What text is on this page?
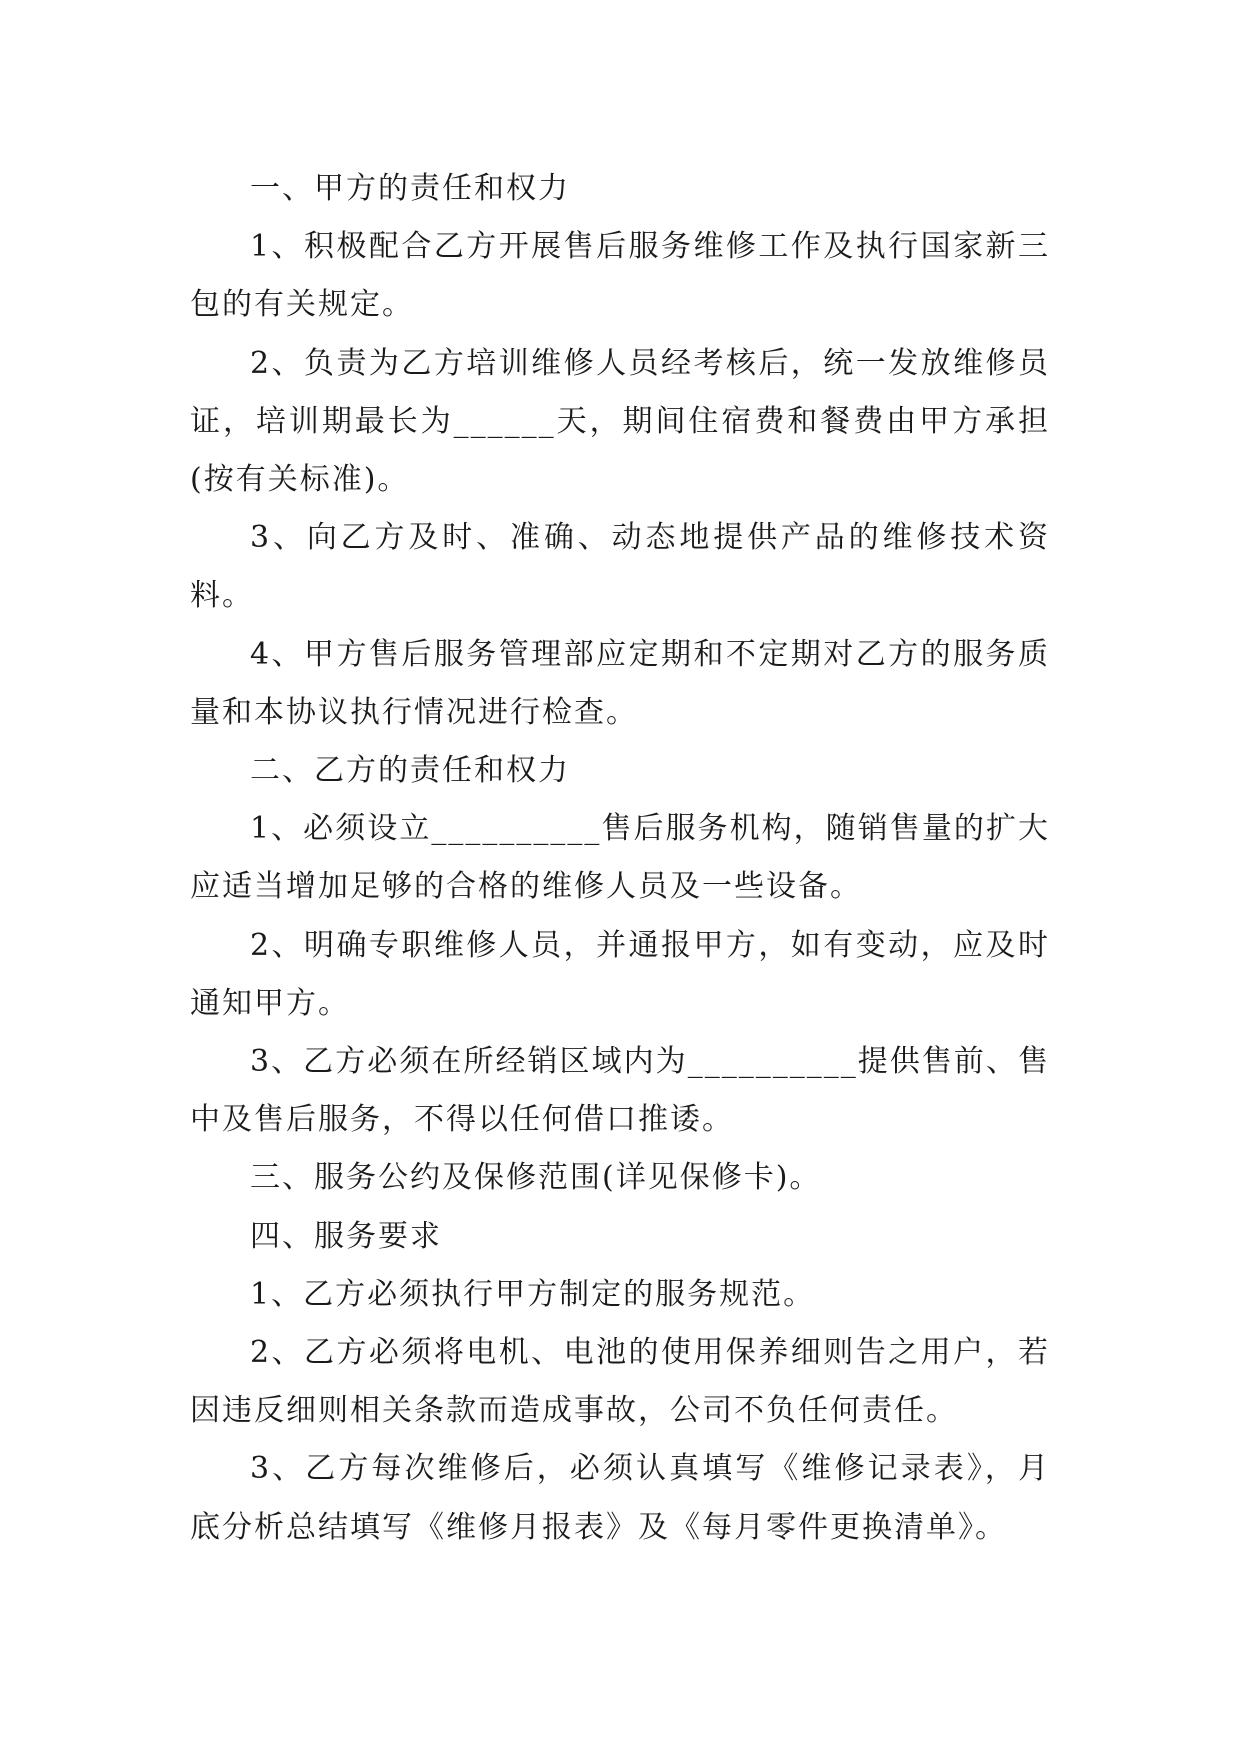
一、甲方的责任和权力

1、积极配合乙方开展售后服务维修工作及执行国家新三包的有关规定。

2、负责为乙方培训维修人员经考核后，统一发放维修员证，培训期最长为______天，期间住宿费和餐费由甲方承担(按有关标准)。

3、向乙方及时、准确、动态地提供产品的维修技术资料。

4、甲方售后服务管理部应定期和不定期对乙方的服务质量和本协议执行情况进行检查。

二、乙方的责任和权力

1、必须设立__________售后服务机构，随销售量的扩大应适当增加足够的合格的维修人员及一些设备。

2、明确专职维修人员，并通报甲方，如有变动，应及时通知甲方。

3、乙方必须在所经销区域内为__________提供售前、售中及售后服务，不得以任何借口推诿。

三、服务公约及保修范围(详见保修卡)。

四、服务要求

1、乙方必须执行甲方制定的服务规范。

2、乙方必须将电机、电池的使用保养细则告之用户，若因违反细则相关条款而造成事故，公司不负任何责任。

3、乙方每次维修后，必须认真填写《维修记录表》，月底分析总结填写《维修月报表》及《每月零件更换清单》。
